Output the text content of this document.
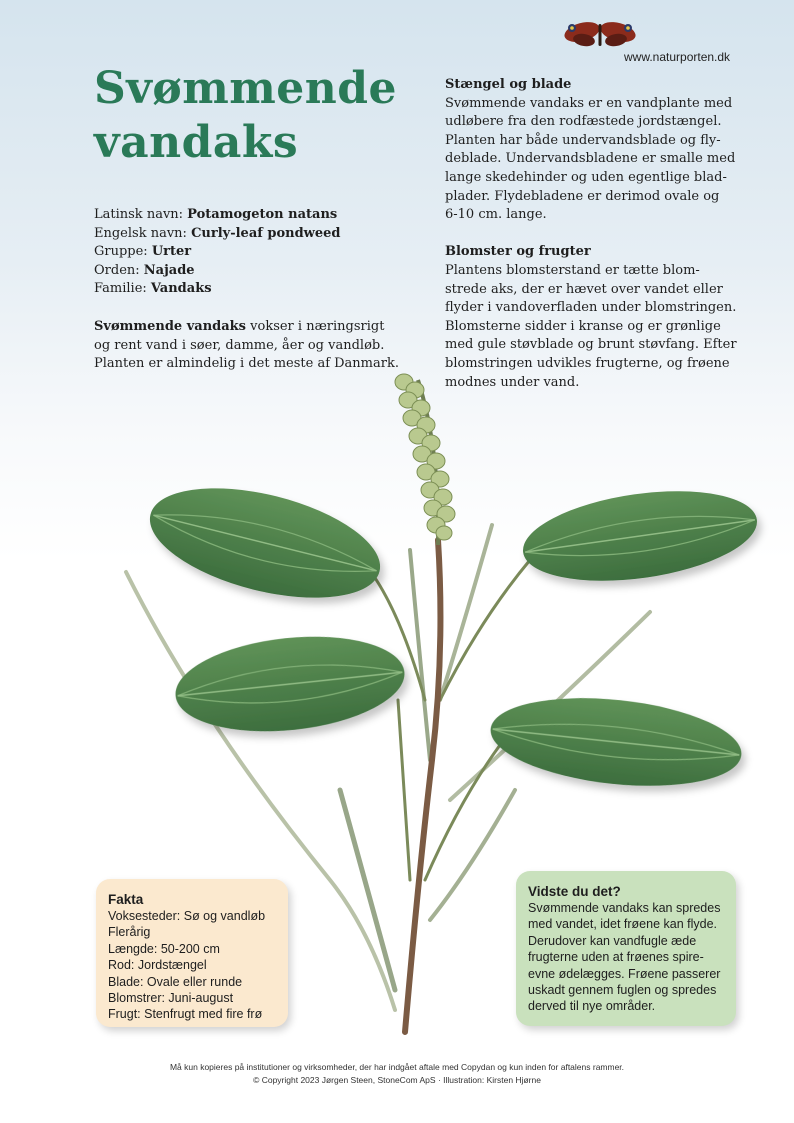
www.naturporten.dk
Svømmende
vandaks
Latinsk navn: Potamogeton natans
Engelsk navn: Curly-leaf pondweed
Gruppe: Urter
Orden: Najade
Familie: Vandaks
Svømmende vandaks vokser i næringsrigt
og rent vand i søer, damme, åer og vandløb.
Planten er almindelig i det meste af Danmark.
Stængel og blade

Svømmende vandaks er en vandplante med
udløbere fra den rodfæstede jordstængel.
Planten har både undervandsblade og fly-
deblade. Undervandsbladene er smalle med
lange skedehinder og uden egentlige blad-
plader. Flydebladene er derimod ovale og
6-10 cm. lange.

Blomster og frugter

Plantens blomsterstand er tætte blom-
strede aks, der er hævet over vandet eller
flyder i vandoverfladen under blomstringen.
Blomsterne sidder i kranse og er grønlige
med gule støvblade og brunt støvfang. Efter
blomstringen udvikles frugterne, og frøene
modnes under vand.

Fakta
Voksesteder: Sø og vandløb
Flerårig
Længde: 50-200 cm
Rod: Jordstængel
Blade: Ovale eller runde
Blomstrer: Juni-august
Frugt: Stenfrugt med fire frø
Vidste du det?
Svømmende vandaks kan spredes
med vandet, idet frøene kan flyde.
Derudover kan vandfugle æde
frugterne uden at frøenes spire-
evne ødelægges. Frøene passerer
uskadt gennem fuglen og spredes
derved til nye områder.
Må kun kopieres på institutioner og virksomheder, der har indgået aftale med Copydan og kun inden for aftalens rammer.
© Copyright 2023 Jørgen Steen, StoneCom ApS · Illustration: Kirsten Hjørne
